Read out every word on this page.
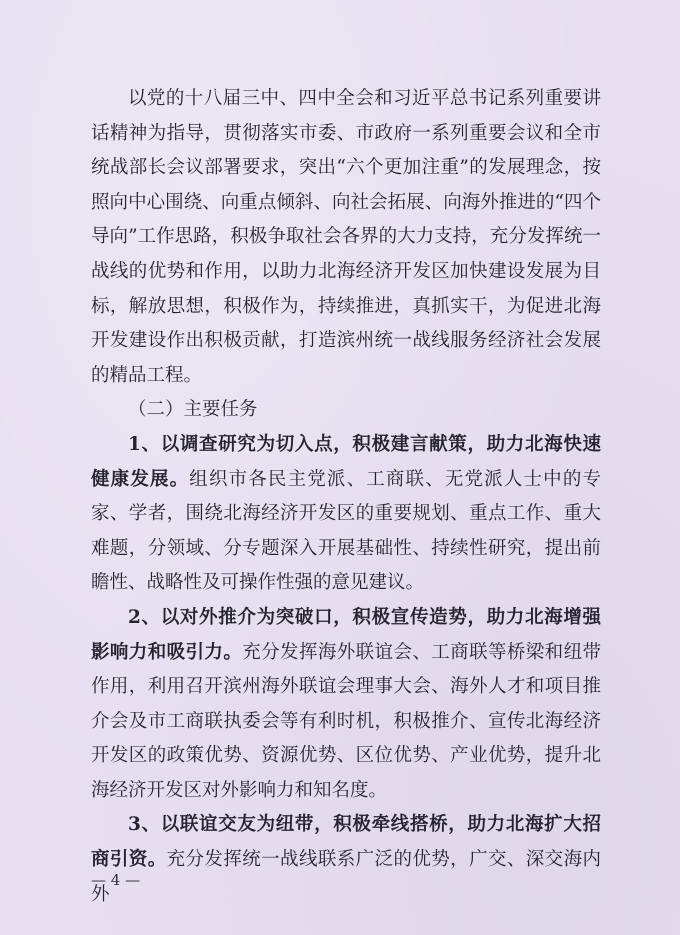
以党的十八届三中、四中全会和习近平总书记系列重要讲话精神为指导，贯彻落实市委、市政府一系列重要会议和全市统战部长会议部署要求，突出“六个更加注重”的发展理念，按照向中心围绕、向重点倾斜、向社会拓展、向海外推进的“四个导向”工作思路，积极争取社会各界的大力支持，充分发挥统一战线的优势和作用，以助力北海经济开发区加快建设发展为目标，解放思想，积极作为，持续推进，真抓实干，为促进北海开发建设作出积极贡献，打造滨州统一战线服务经济社会发展的精品工程。

（二）主要任务

1、以调查研究为切入点，积极建言献策，助力北海快速健康发展。组织市各民主党派、工商联、无党派人士中的专家、学者，围绕北海经济开发区的重要规划、重点工作、重大难题，分领域、分专题深入开展基础性、持续性研究，提出前瞻性、战略性及可操作性强的意见建议。

2、以对外推介为突破口，积极宣传造势，助力北海增强影响力和吸引力。充分发挥海外联谊会、工商联等桥梁和纽带作用，利用召开滨州海外联谊会理事大会、海外人才和项目推介会及市工商联执委会等有利时机，积极推介、宣传北海经济开发区的政策优势、资源优势、区位优势、产业优势，提升北海经济开发区对外影响力和知名度。

3、以联谊交友为纽带，积极牵线搭桥，助力北海扩大招商引资。充分发挥统一战线联系广泛的优势，广交、深交海内外

— 4 —
